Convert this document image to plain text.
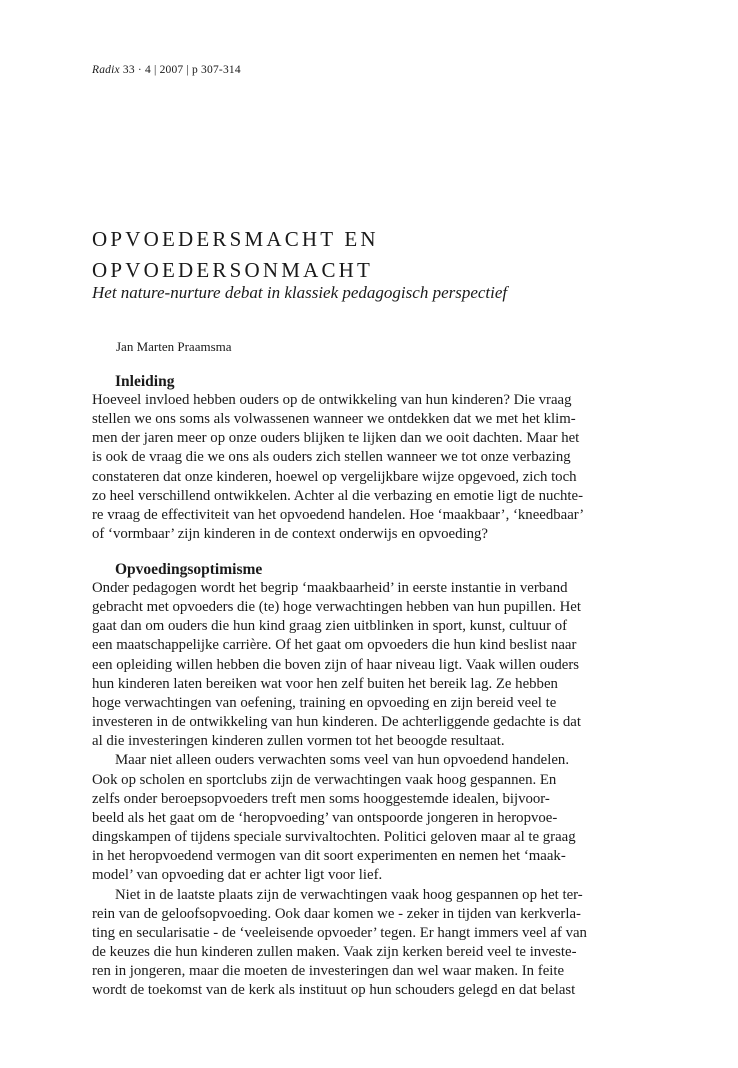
Radix 33 · 4 | 2007 | p 307-314
OPVOEDERSMACHT EN
OPVOEDERSONMACHT
Het nature-nurture debat in klassiek pedagogisch perspectief
Jan Marten Praamsma
Inleiding

Hoeveel invloed hebben ouders op de ontwikkeling van hun kinderen? Die vraag
stellen we ons soms als volwassenen wanneer we ontdekken dat we met het klim-
men der jaren meer op onze ouders blijken te lijken dan we ooit dachten. Maar het
is ook de vraag die we ons als ouders zich stellen wanneer we tot onze verbazing
constateren dat onze kinderen, hoewel op vergelijkbare wijze opgevoed, zich toch
zo heel verschillend ontwikkelen. Achter al die verbazing en emotie ligt de nuchte-
re vraag de effectiviteit van het opvoedend handelen. Hoe ‘maakbaar’, ‘kneedbaar’
of ‘vormbaar’ zijn kinderen in de context onderwijs en opvoeding?

Opvoedingsoptimisme

Onder pedagogen wordt het begrip ‘maakbaarheid’ in eerste instantie in verband
gebracht met opvoeders die (te) hoge verwachtingen hebben van hun pupillen. Het
gaat dan om ouders die hun kind graag zien uitblinken in sport, kunst, cultuur of
een maatschappelijke carrière. Of het gaat om opvoeders die hun kind beslist naar
een opleiding willen hebben die boven zijn of haar niveau ligt. Vaak willen ouders
hun kinderen laten bereiken wat voor hen zelf buiten het bereik lag. Ze hebben
hoge verwachtingen van oefening, training en opvoeding en zijn bereid veel te
investeren in de ontwikkeling van hun kinderen. De achterliggende gedachte is dat
al die investeringen kinderen zullen vormen tot het beoogde resultaat.

Maar niet alleen ouders verwachten soms veel van hun opvoedend handelen.
Ook op scholen en sportclubs zijn de verwachtingen vaak hoog gespannen. En
zelfs onder beroepsopvoeders treft men soms hooggestemde idealen, bijvoor-
beeld als het gaat om de ‘heropvoeding’ van ontspoorde jongeren in heropvoe-
dingskampen of tijdens speciale survivaltochten. Politici geloven maar al te graag
in het heropvoedend vermogen van dit soort experimenten en nemen het ‘maak-
model’ van opvoeding dat er achter ligt voor lief.

Niet in de laatste plaats zijn de verwachtingen vaak hoog gespannen op het ter-
rein van de geloofsopvoeding. Ook daar komen we - zeker in tijden van kerkverla-
ting en secularisatie - de ‘veeleisende opvoeder’ tegen. Er hangt immers veel af van
de keuzes die hun kinderen zullen maken. Vaak zijn kerken bereid veel te investe-
ren in jongeren, maar die moeten de investeringen dan wel waar maken. In feite
wordt de toekomst van de kerk als instituut op hun schouders gelegd en dat belast
